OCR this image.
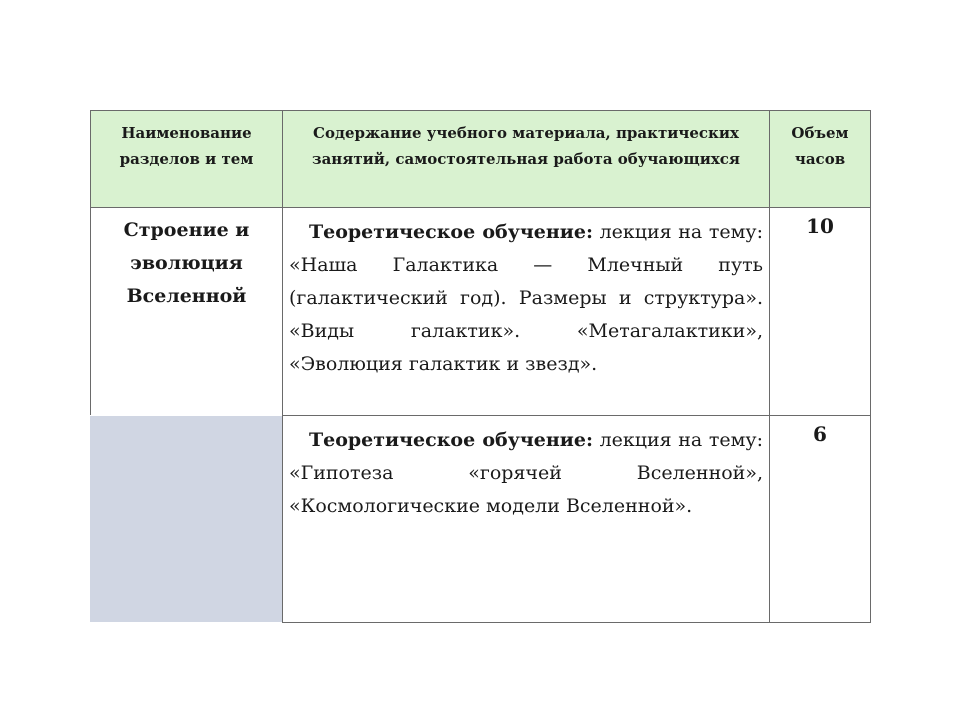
Наименование разделов и тем
Содержание учебного материала, практических занятий, самостоятельная работа обучающихся
Объем часов
Строение и эволюция Вселенной

Теоретическое обучение: лекция на тему: «Наша Галактика — Млечный путь (галактический год). Размеры и структура». «Виды галактик». «Метагалактики», «Эволюция галактик и звезд».

10

Теоретическое обучение: лекция на тему: «Гипотеза «горячей Вселенной», «Космологические модели Вселенной».

6
